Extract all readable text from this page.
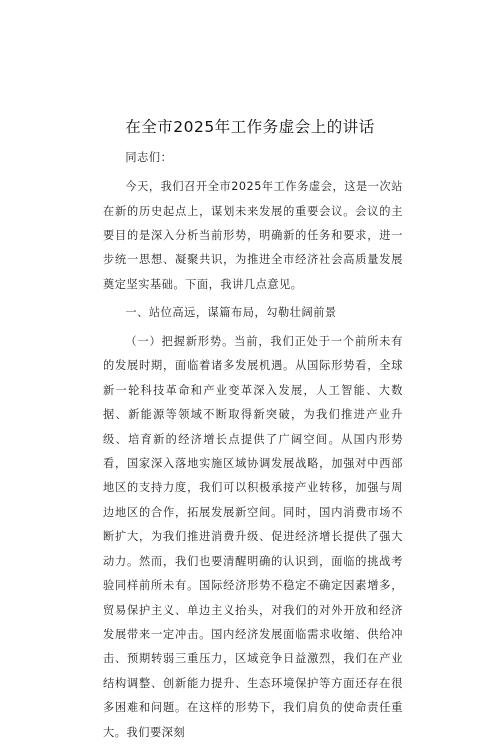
在全市2025年工作务虚会上的讲话

同志们：

今天，我们召开全市2025年工作务虚会，这是一次站在新的历史起点上，谋划未来发展的重要会议。会议的主要目的是深入分析当前形势，明确新的任务和要求，进一步统一思想、凝聚共识，为推进全市经济社会高质量发展奠定坚实基础。下面，我讲几点意见。

一、站位高远，谋篇布局，勾勒壮阔前景

（一）把握新形势。当前，我们正处于一个前所未有的发展时期，面临着诸多发展机遇。从国际形势看，全球新一轮科技革命和产业变革深入发展，人工智能、大数据、新能源等领域不断取得新突破，为我们推进产业升级、培育新的经济增长点提供了广阔空间。从国内形势看，国家深入落地实施区域协调发展战略，加强对中西部地区的支持力度，我们可以积极承接产业转移，加强与周边地区的合作，拓展发展新空间。同时，国内消费市场不断扩大，为我们推进消费升级、促进经济增长提供了强大动力。然而，我们也要清醒明确的认识到，面临的挑战考验同样前所未有。国际经济形势不稳定不确定因素增多，贸易保护主义、单边主义抬头，对我们的对外开放和经济发展带来一定冲击。国内经济发展面临需求收缩、供给冲击、预期转弱三重压力，区域竞争日益激烈，我们在产业结构调整、创新能力提升、生态环境保护等方面还存在很多困难和问题。在这样的形势下，我们肩负的使命责任重大。我们要深刻
